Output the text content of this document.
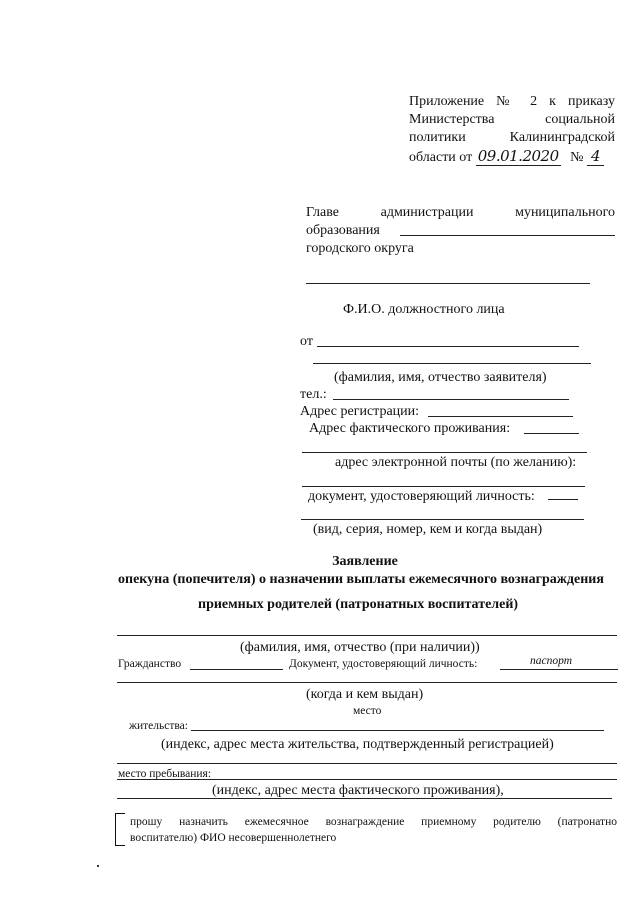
Приложение № 2 к приказу
Министерства социальной
политики Калининградской
области от 09.01.2020 № 4
Главе администрации муниципального
образования
городского округа
Ф.И.О. должностного лица
от
(фамилия, имя, отчество заявителя)
тел.:
Адрес регистрации:
Адрес фактического проживания:
адрес электронной почты (по желанию):
документ, удостоверяющий личность:
(вид, серия, номер, кем и когда выдан)
Заявление
опекуна (попечителя) о назначении выплаты ежемесячного вознаграждения
приемных родителей (патронатных воспитателей)
(фамилия, имя, отчество (при наличии))
Гражданство	Документ, удостоверяющий личность:	паспорт
(когда и кем выдан)
место
жительства:
(индекс, адрес места жительства, подтвержденный регистрацией)
место пребывания:
(индекс, адрес места фактического проживания),
прошу назначить ежемесячное вознаграждение приемному родителю (патронатно
воспитателю) ФИО несовершеннолетнего
